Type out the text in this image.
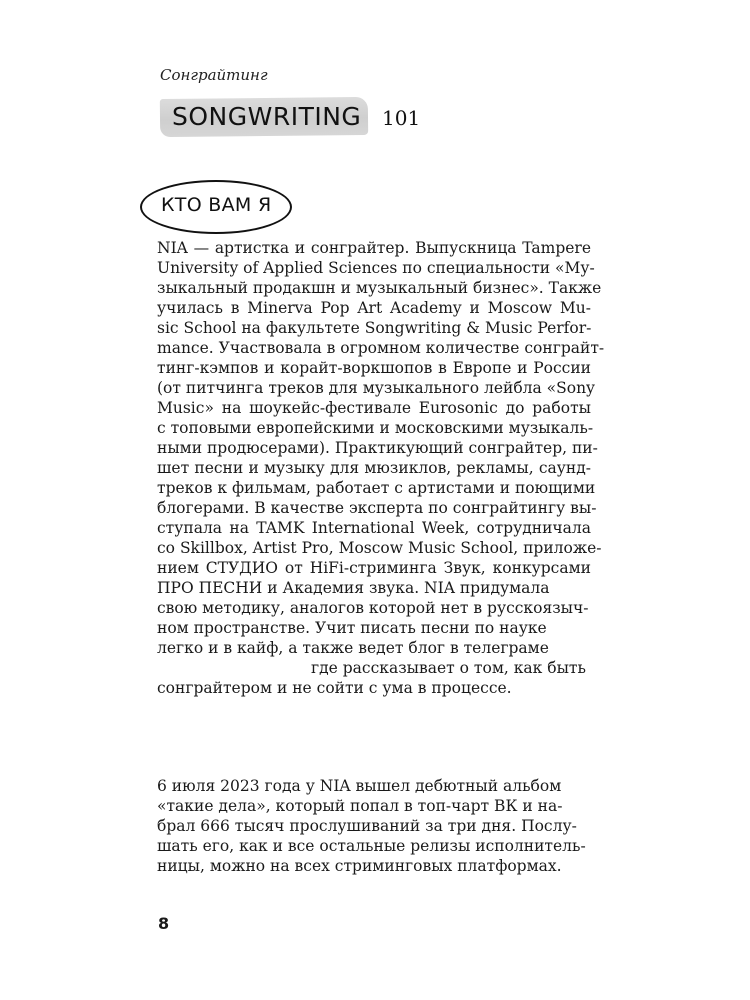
Сонграйтинг
SONGWRITING 101
КТО ВАМ Я
NIA — артистка и сонграйтер. Выпускница Tampere
University of Applied Sciences по специальности «Му-
зыкальный продакшн и музыкальный бизнес». Также
училась в Minerva Pop Art Academy и Moscow Mu-
sic School на факультете Songwriting & Music Perfor-
mance. Участвовала в огромном количестве сонграйт-
тинг-кэмпов и корайт-воркшопов в Европе и России
(от питчинга треков для музыкального лейбла «Sony
Music» на шоукейс-фестивале Eurosonic до работы
с топовыми европейскими и московскими музыкаль-
ными продюсерами). Практикующий сонграйтер, пи-
шет песни и музыку для мюзиклов, рекламы, саунд-
треков к фильмам, работает с артистами и поющими
блогерами. В качестве эксперта по сонграйтингу вы-
ступала на TAMK International Week, сотрудничала
со Skillbox, Artist Pro, Moscow Music School, приложе-
нием СТУДИО от HiFi-стриминга Звук, конкурсами
ПРО ПЕСНИ и Академия звука. NIA придумала
свою методику, аналогов которой нет в русскоязыч-
ном пространстве. Учит писать песни по науке
легко и в кайф, а также ведет блог в телеграме
где рассказывает о том, как быть
сонграйтером и не сойти с ума в процессе.
6 июля 2023 года у NIA вышел дебютный альбом
«такие дела», который попал в топ-чарт ВК и на-
брал 666 тысяч прослушиваний за три дня. Послу-
шать его, как и все остальные релизы исполнитель-
ницы, можно на всех стриминговых платформах.
8
